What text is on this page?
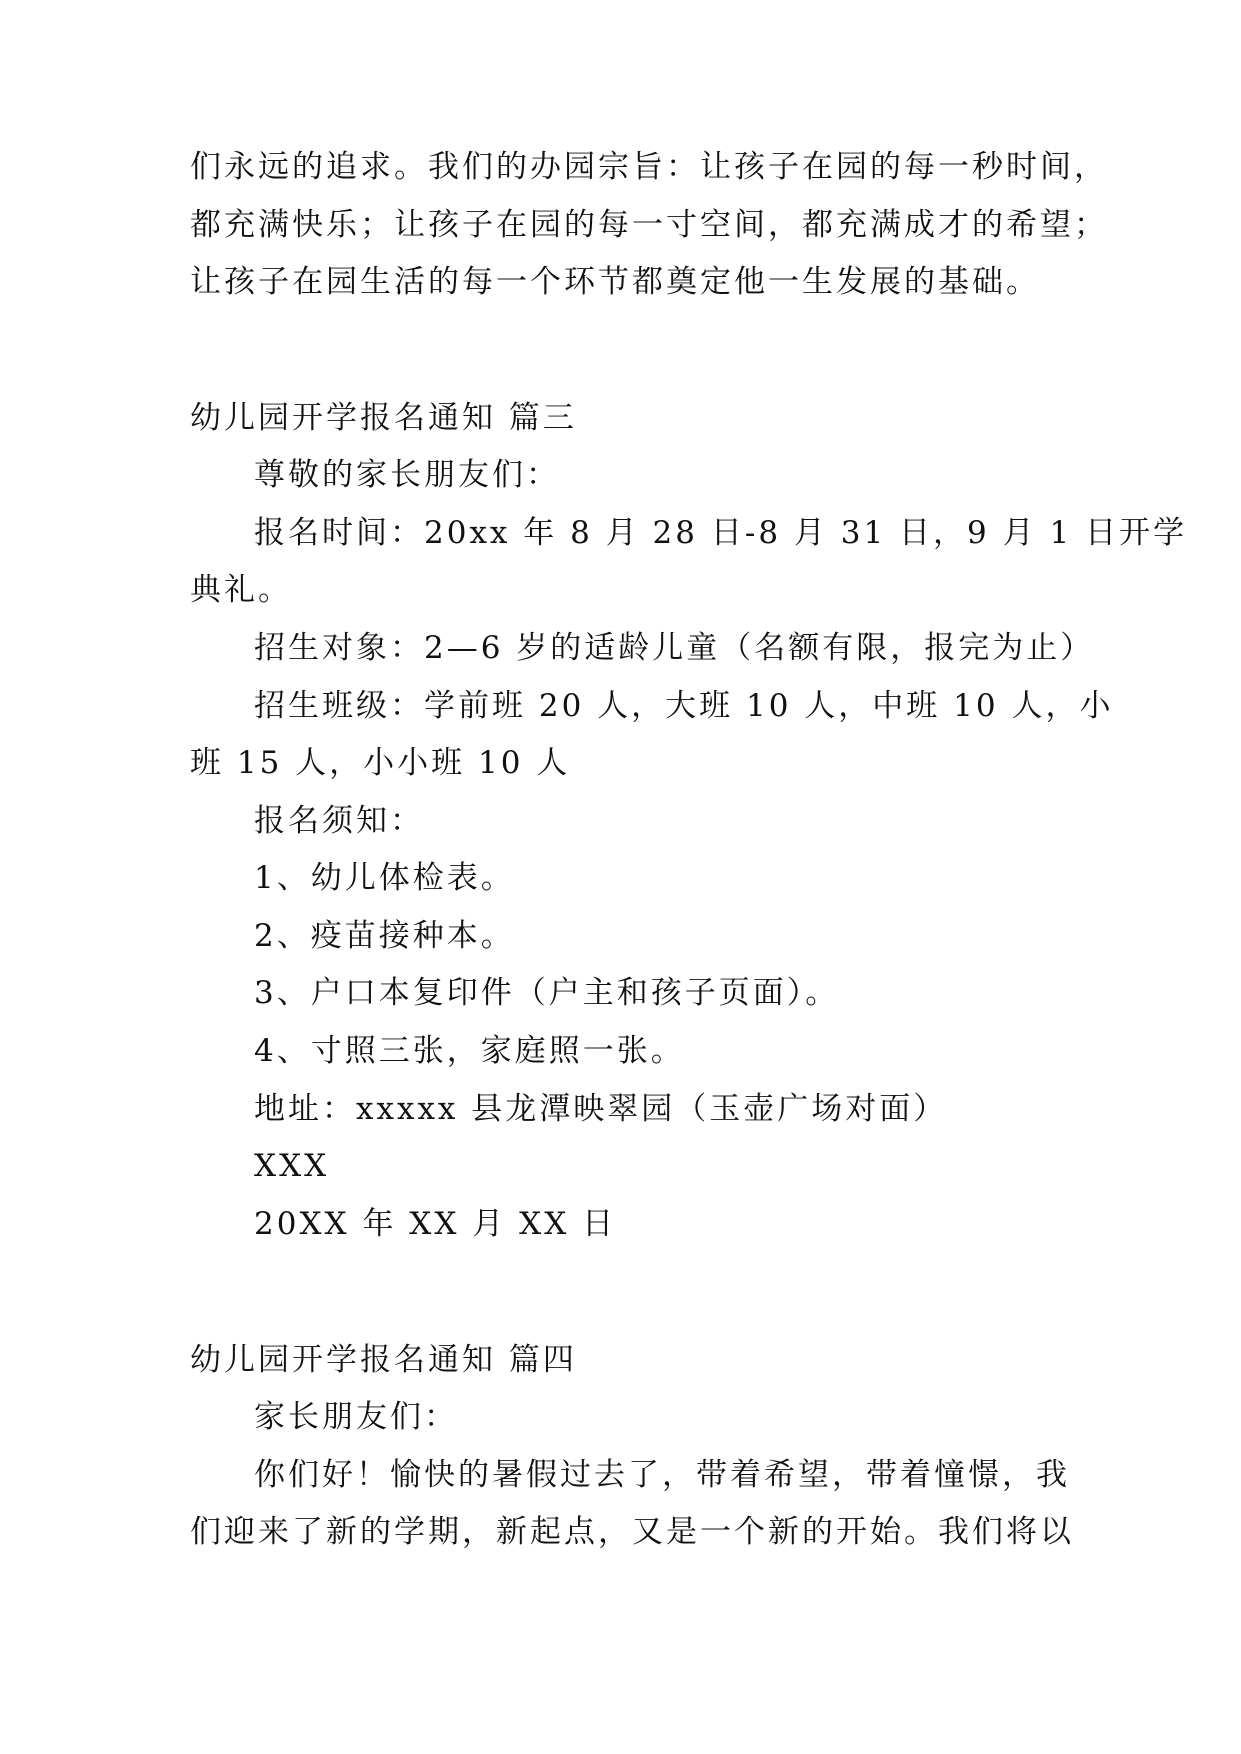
们永远的追求。我们的办园宗旨：让孩子在园的每一秒时间，
都充满快乐；让孩子在园的每一寸空间，都充满成才的希望；
让孩子在园生活的每一个环节都奠定他一生发展的基础。
幼儿园开学报名通知 篇三
尊敬的家长朋友们：
报名时间：20xx 年 8 月 28 日-8 月 31 日，9 月 1 日开学
典礼。
招生对象：2—6 岁的适龄儿童（名额有限，报完为止）
招生班级：学前班 20 人，大班 10 人，中班 10 人，小
班 15 人，小小班 10 人
报名须知：
1、幼儿体检表。
2、疫苗接种本。
3、户口本复印件（户主和孩子页面）。
4、寸照三张，家庭照一张。
地址：xxxxx 县龙潭映翠园（玉壶广场对面）
XXX
20XX 年 XX 月 XX 日
幼儿园开学报名通知 篇四
家长朋友们：
你们好！愉快的暑假过去了，带着希望，带着憧憬，我
们迎来了新的学期，新起点，又是一个新的开始。我们将以
